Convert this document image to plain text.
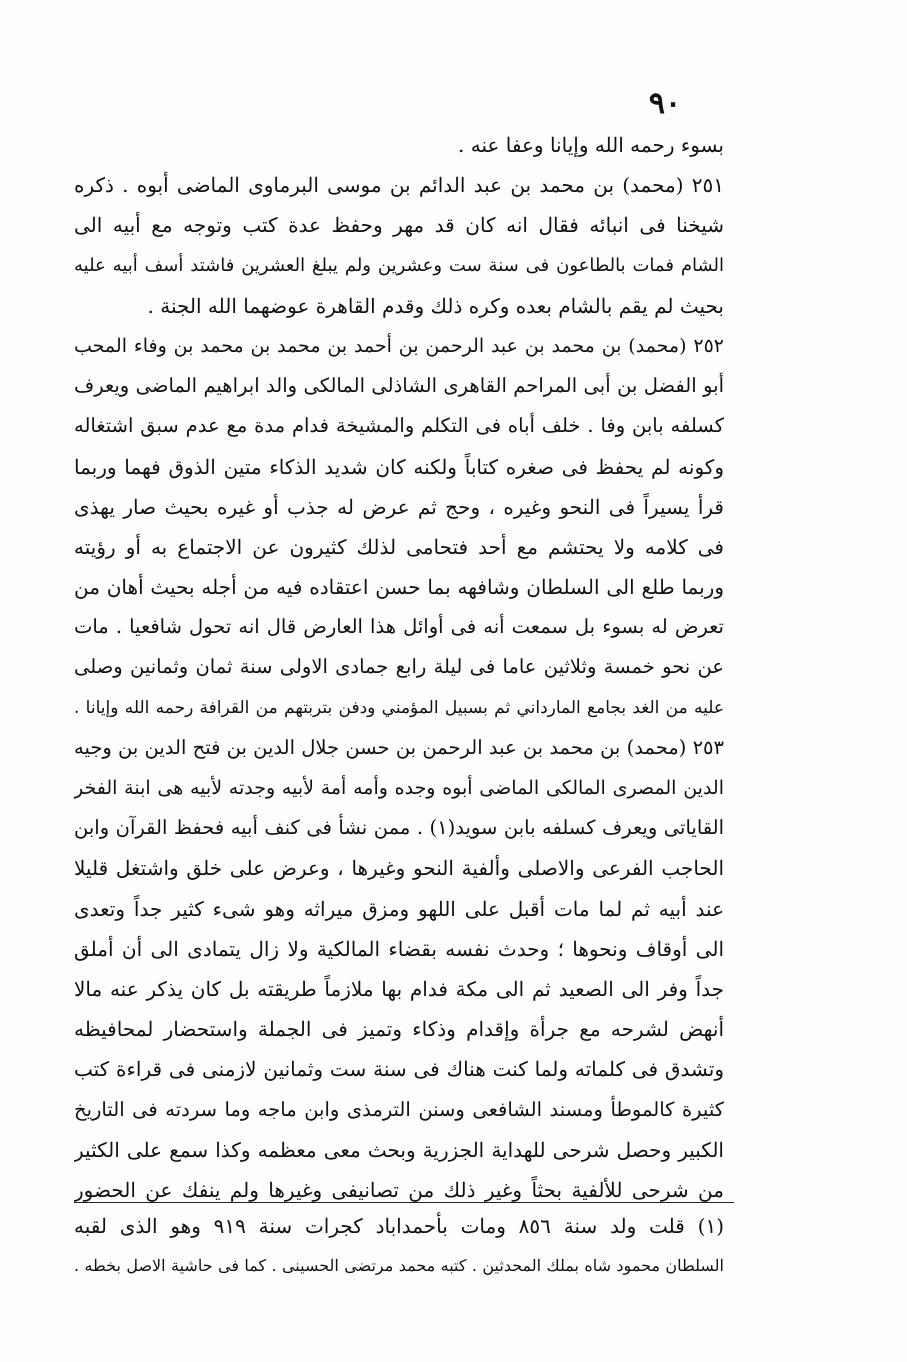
٩٠
بسوء رحمه الله وإيانا وعفا عنه .
٢٥١ (محمد) بن محمد بن عبد الدائم بن موسى البرماوى الماضى أبوه . ذكره
شيخنا فى انبائه فقال انه كان قد مهر وحفظ عدة كتب وتوجه مع أبيه الى
الشام فمات بالطاعون فى سنة ست وعشرين ولم يبلغ العشرين فاشتد أسف أبيه عليه
بحيث لم يقم بالشام بعده وكره ذلك وقدم القاهرة عوضهما الله الجنة .
٢٥٢ (محمد) بن محمد بن عبد الرحمن بن أحمد بن محمد بن محمد بن وفاء المحب
أبو الفضل بن أبى المراحم القاهرى الشاذلى المالكى والد ابراهيم الماضى ويعرف
كسلفه بابن وفا . خلف أباه فى التكلم والمشيخة فدام مدة مع عدم سبق اشتغاله
وكونه لم يحفظ فى صغره كتاباً ولكنه كان شديد الذكاء متين الذوق فهما وربما
قرأ يسيراً فى النحو وغيره ، وحج ثم عرض له جذب أو غيره بحيث صار يهذى
فى كلامه ولا يحتشم مع أحد فتحامى لذلك كثيرون عن الاجتماع به أو رؤيته
وربما طلع الى السلطان وشافهه بما حسن اعتقاده فيه من أجله بحيث أهان من
تعرض له بسوء بل سمعت أنه فى أوائل هذا العارض قال انه تحول شافعيا . مات
عن نحو خمسة وثلاثين عاما فى ليلة رابع جمادى الاولى سنة ثمان وثمانين وصلى
عليه من الغد بجامع المارداني ثم بسبيل المؤمني ودفن بتربتهم من القرافة رحمه الله وإيانا .
٢٥٣ (محمد) بن محمد بن عبد الرحمن بن حسن جلال الدين بن فتح الدين بن وجيه
الدين المصرى المالكى الماضى أبوه وجده وأمه أمة لأبيه وجدته لأبيه هى ابنة الفخر
القاياتى ويعرف كسلفه بابن سويد(١) . ممن نشأ فى كنف أبيه فحفظ القرآن وابن
الحاجب الفرعى والاصلى وألفية النحو وغيرها ، وعرض على خلق واشتغل قليلا
عند أبيه ثم لما مات أقبل على اللهو ومزق ميراثه وهو شىء كثير جداً وتعدى
الى أوقاف ونحوها ؛ وحدث نفسه بقضاء المالكية ولا زال يتمادى الى أن أملق
جداً وفر الى الصعيد ثم الى مكة فدام بها ملازماً طريقته بل كان يذكر عنه مالا
أنهض لشرحه مع جرأة وإقدام وذكاء وتميز فى الجملة واستحضار لمحافيظه
وتشدق فى كلماته ولما كنت هناك فى سنة ست وثمانين لازمنى فى قراءة كتب
كثيرة كالموطأ ومسند الشافعى وسنن الترمذى وابن ماجه وما سردته فى التاريخ
الكبير وحصل شرحى للهداية الجزرية وبحث معى معظمه وكذا سمع على الكثير
من شرحى للألفية بحثاً وغير ذلك من تصانيفى وغيرها ولم ينفك عن الحضور
(١) قلت ولد سنة ٨٥٦ ومات بأحمداباد كجرات سنة ٩١٩ وهو الذى لقبه
السلطان محمود شاه بملك المحدثين . كتبه محمد مرتضى الحسينى . كما فى حاشية الاصل بخطه .
